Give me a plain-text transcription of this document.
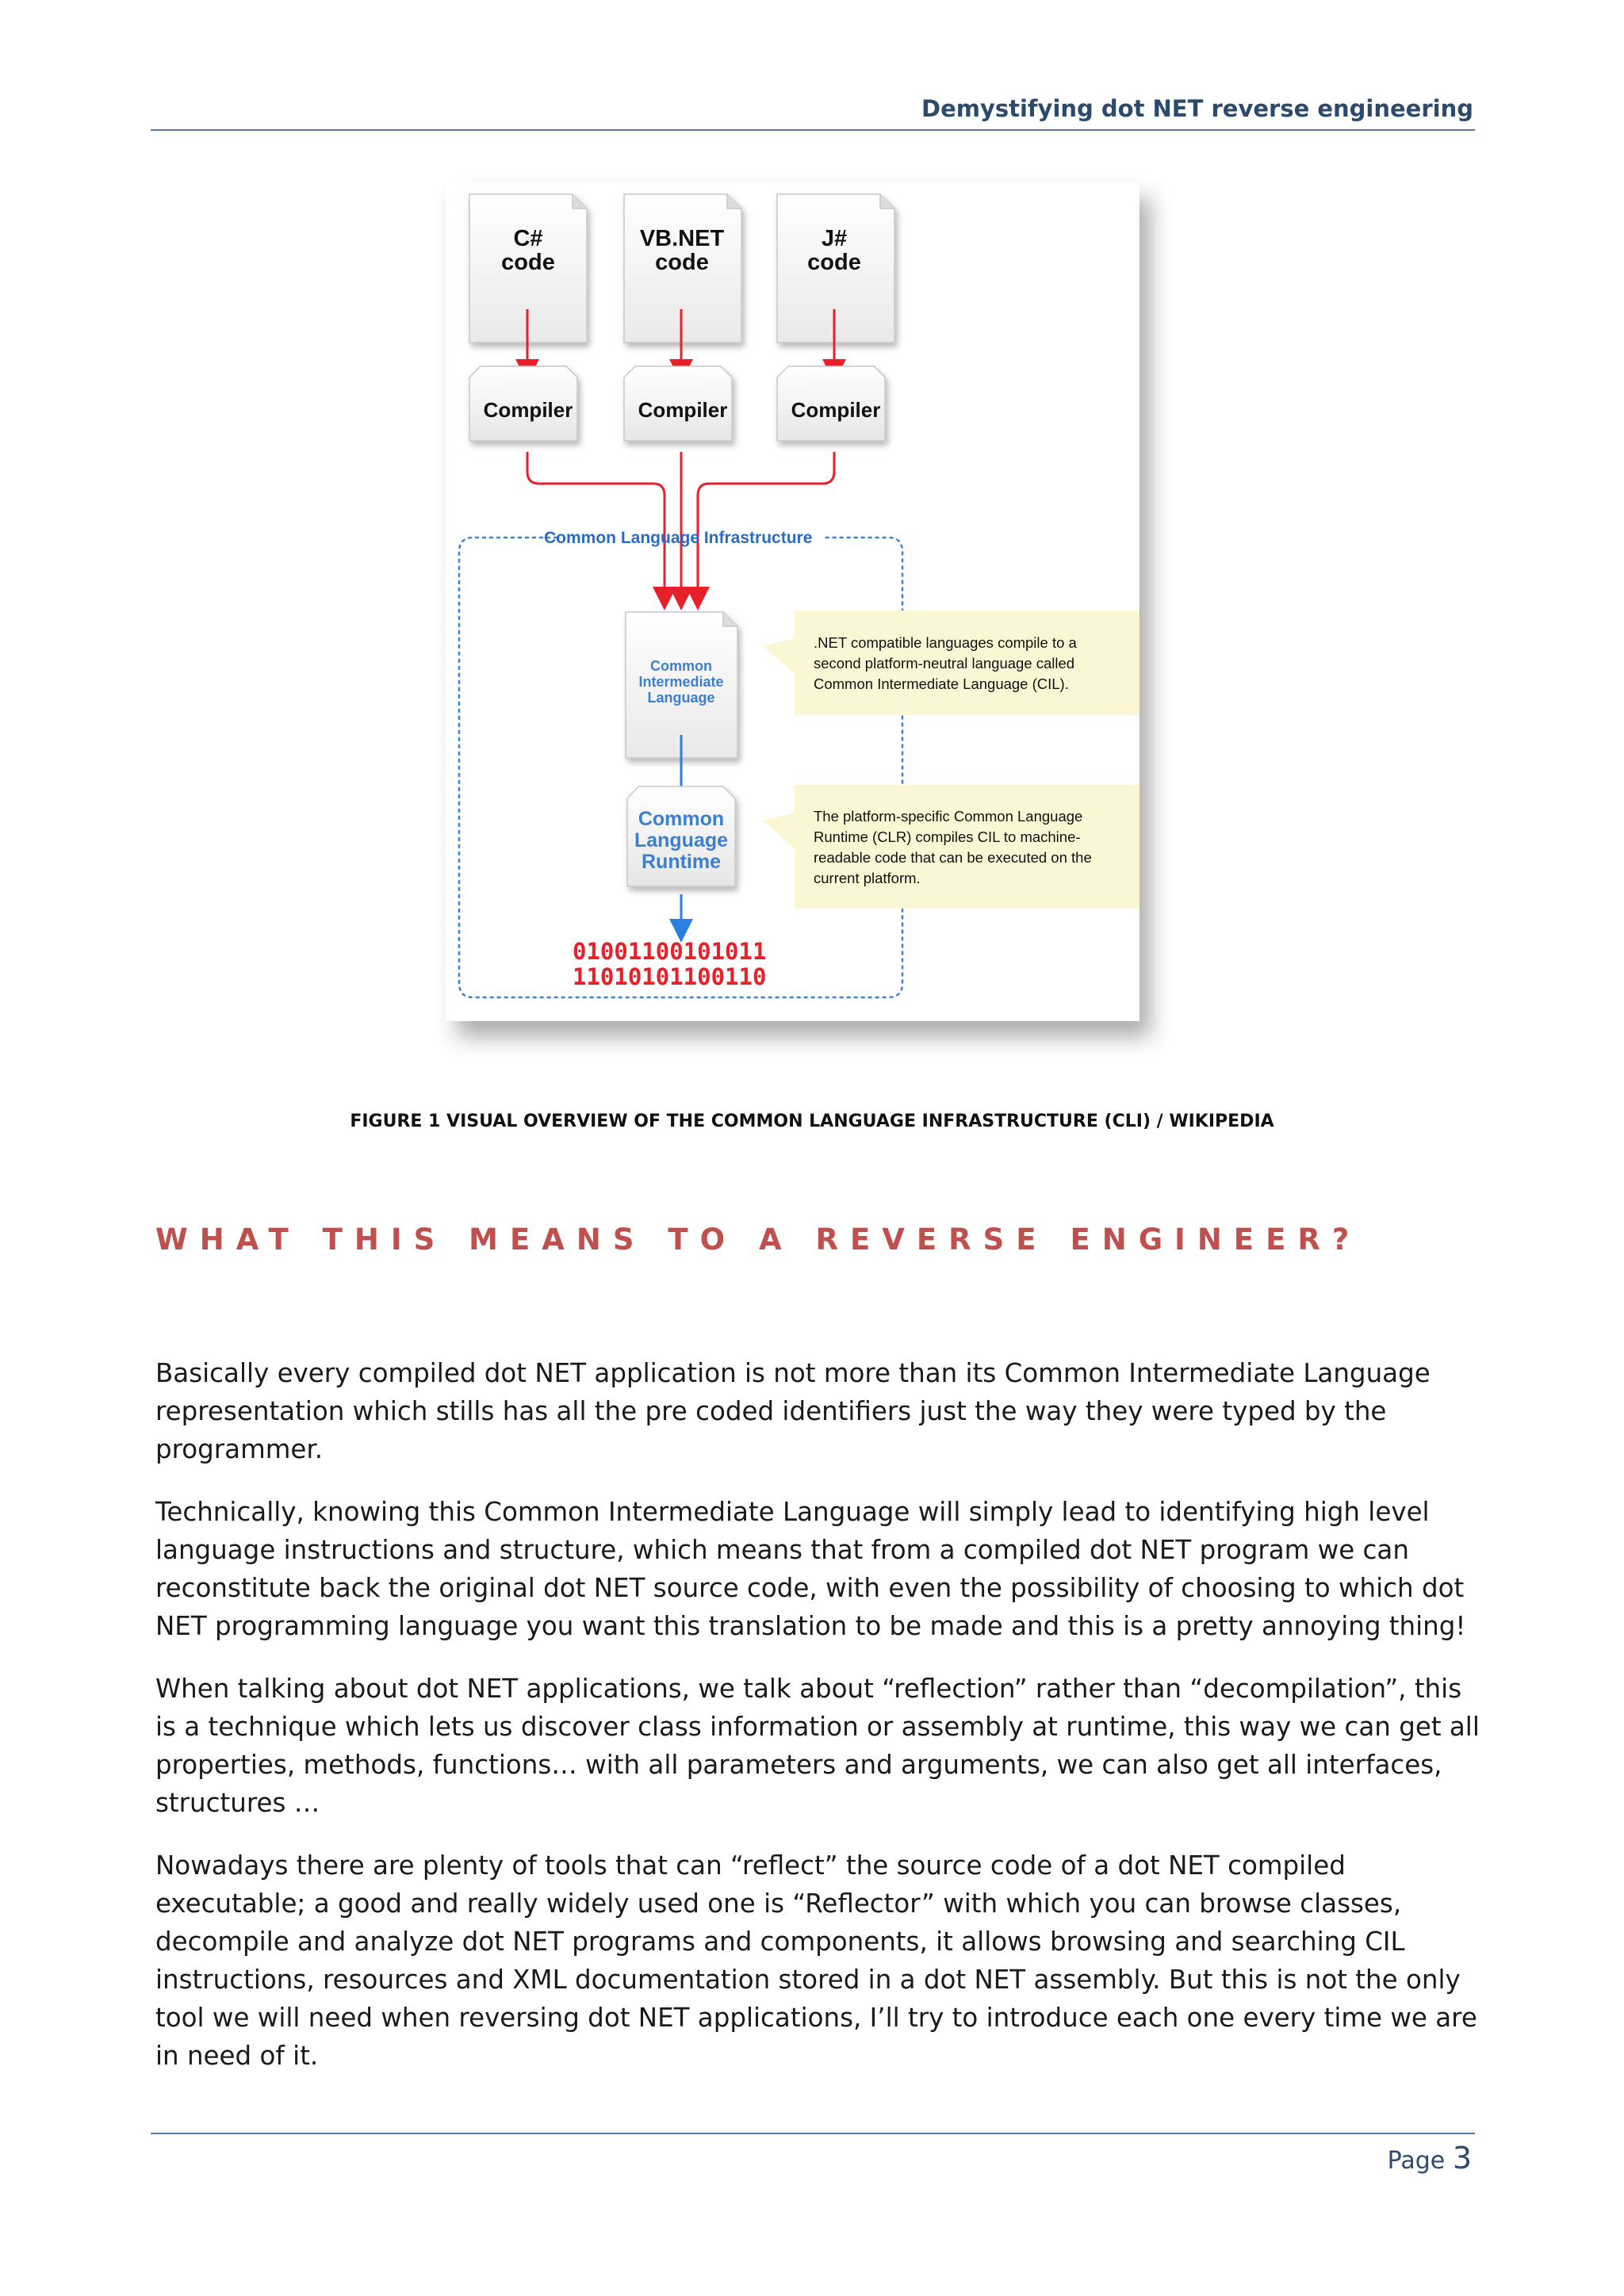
Demystifying dot NET reverse engineering
C#
code
VB.NET
code
J#
code
Compiler	Compiler	Compiler
Common Language Infrastructure
Common
Intermediate
Language
.NET compatible languages compile to a
second platform-neutral language called
Common Intermediate Language (CIL).
Common
Language
Runtime
The platform-specific Common Language
Runtime (CLR) compiles CIL to machine-
readable code that can be executed on the
current platform.
01001100101011
11010101100110
FIGURE 1 VISUAL OVERVIEW OF THE COMMON LANGUAGE INFRASTRUCTURE (CLI) / WIKIPEDIA
WHAT THIS MEANS TO A REVERSE ENGINEER?

Basically every compiled dot NET application is not more than its Common Intermediate Language representation which stills has all the pre coded identifiers just the way they were typed by the programmer.

Technically, knowing this Common Intermediate Language will simply lead to identifying high level language instructions and structure, which means that from a compiled dot NET program we can reconstitute back the original dot NET source code, with even the possibility of choosing to which dot NET programming language you want this translation to be made and this is a pretty annoying thing!

When talking about dot NET applications, we talk about “reflection” rather than “decompilation”, this is a technique which lets us discover class information or assembly at runtime, this way we can get all properties, methods, functions… with all parameters and arguments, we can also get all interfaces, structures …

Nowadays there are plenty of tools that can “reflect” the source code of a dot NET compiled executable; a good and really widely used one is “Reflector” with which you can browse classes, decompile and analyze dot NET programs and components, it allows browsing and searching CIL instructions, resources and XML documentation stored in a dot NET assembly. But this is not the only tool we will need when reversing dot NET applications, I’ll try to introduce each one every time we are in need of it.

Page 3
